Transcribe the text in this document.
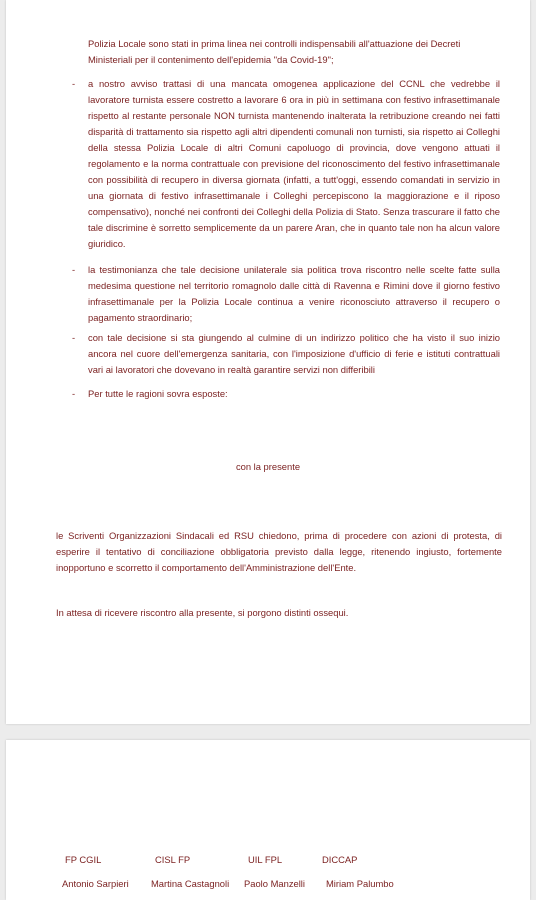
Polizia Locale sono stati in prima linea nei controlli indispensabili all'attuazione dei Decreti Ministeriali per il contenimento dell'epidemia "da Covid-19";

- a nostro avviso trattasi di una mancata omogenea applicazione del CCNL che vedrebbe il lavoratore turnista essere costretto a lavorare 6 ora in più in settimana con festivo infrasettimanale rispetto al restante personale NON turnista mantenendo inalterata la retribuzione creando nei fatti disparità di trattamento sia rispetto agli altri dipendenti comunali non turnisti, sia rispetto ai Colleghi della stessa Polizia Locale di altri Comuni capoluogo di provincia, dove vengono attuati il regolamento e la norma contrattuale con previsione del riconoscimento del festivo infrasettimanale con possibilità di recupero in diversa giornata (infatti, a tutt'oggi, essendo comandati in servizio in una giornata di festivo infrasettimanale i Colleghi percepiscono la maggiorazione e il riposo compensativo), nonché nei confronti dei Colleghi della Polizia di Stato. Senza trascurare il fatto che tale discrimine è sorretto semplicemente da un parere Aran, che in quanto tale non ha alcun valore giuridico.

- la testimonianza che tale decisione unilaterale sia politica trova riscontro nelle scelte fatte sulla medesima questione nel territorio romagnolo dalle città di Ravenna e Rimini dove il giorno festivo infrasettimanale per la Polizia Locale continua a venire riconosciuto attraverso il recupero o pagamento straordinario;

- con tale decisione si sta giungendo al culmine di un indirizzo politico che ha visto il suo inizio ancora nel cuore dell'emergenza sanitaria, con l'imposizione d'ufficio di ferie e istituti contrattuali vari ai lavoratori che dovevano in realtà garantire servizi non differibili

- Per tutte le ragioni sovra esposte:

con la presente

le Scriventi Organizzazioni Sindacali ed RSU chiedono, prima di procedere con azioni di protesta, di esperire il tentativo di conciliazione obbligatoria previsto dalla legge, ritenendo ingiusto, fortemente inopportuno e scorretto il comportamento dell'Amministrazione dell'Ente.

In attesa di ricevere riscontro alla presente, si porgono distinti ossequi.

FP CGIL
Antonio Sarpieri
CISL FP
Martina Castagnoli
UIL FPL
Paolo Manzelli
DICCAP
Miriam Palumbo
